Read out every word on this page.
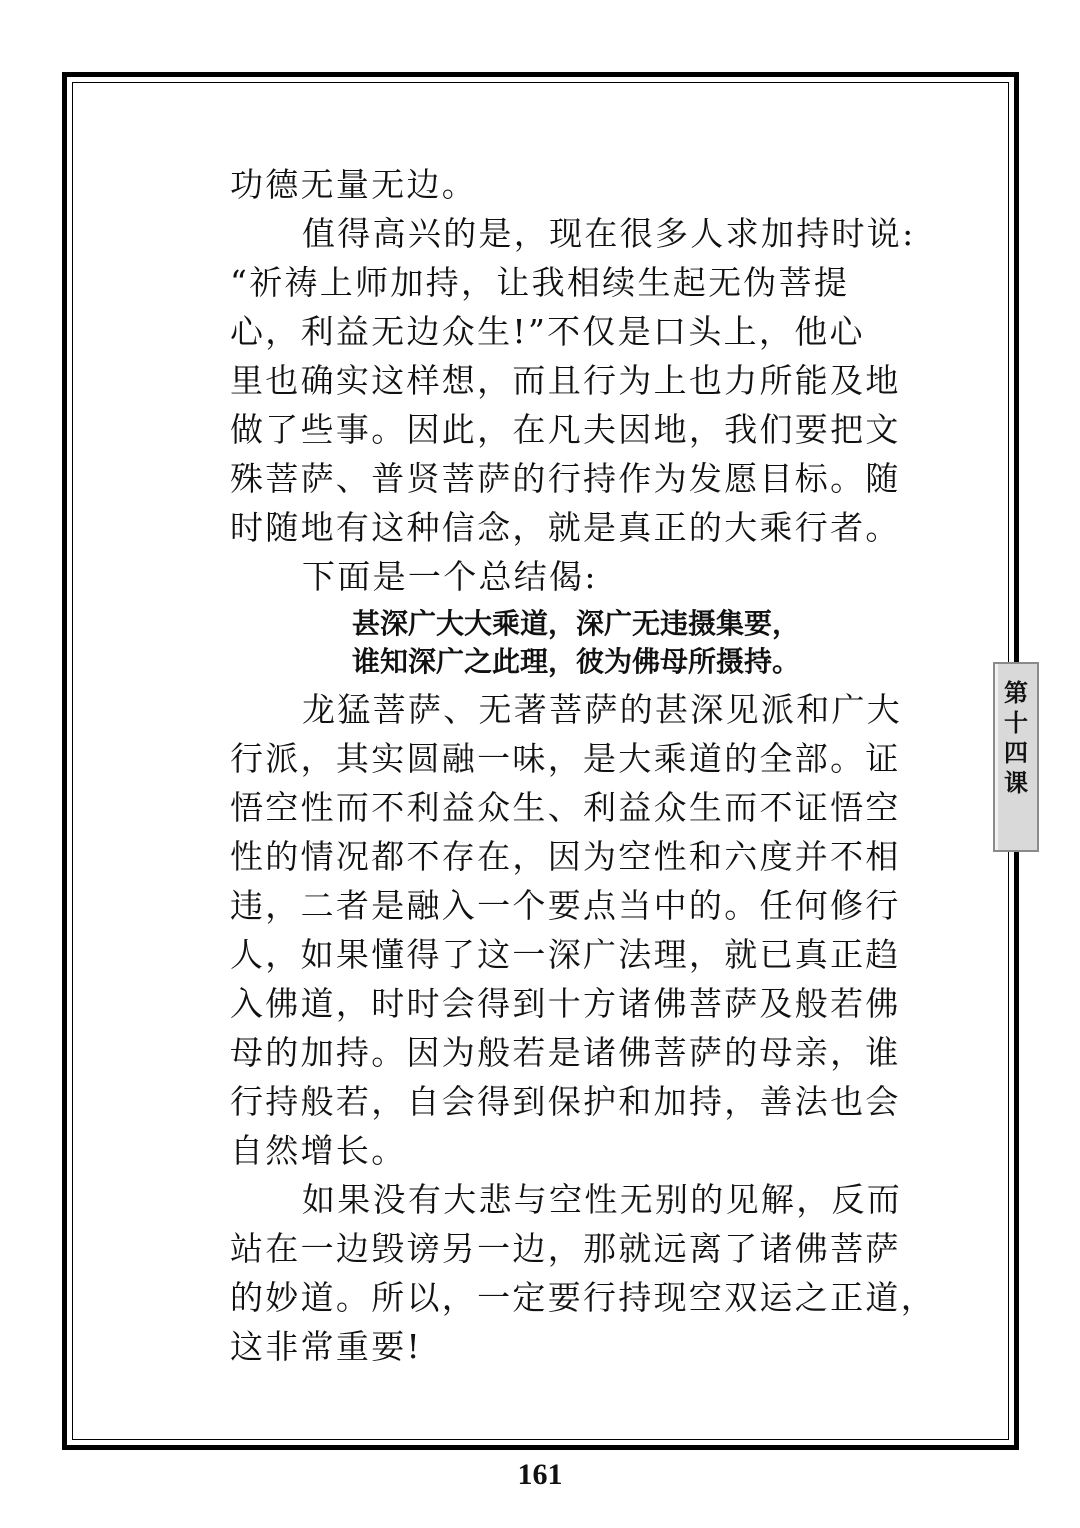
功德无量无边。
值得高兴的是，现在很多人求加持时说:
“祈祷上师加持，让我相续生起无伪菩提
心，利益无边众生!”不仅是口头上，他心
里也确实这样想，而且行为上也力所能及地
做了些事。因此，在凡夫因地，我们要把文
殊菩萨、普贤菩萨的行持作为发愿目标。随
时随地有这种信念，就是真正的大乘行者。
下面是一个总结偈:
甚深广大大乘道，深广无违摄集要，
谁知深广之此理，彼为佛母所摄持。
龙猛菩萨、无著菩萨的甚深见派和广大
行派，其实圆融一味，是大乘道的全部。证
悟空性而不利益众生、利益众生而不证悟空
性的情况都不存在，因为空性和六度并不相
违，二者是融入一个要点当中的。任何修行
人，如果懂得了这一深广法理，就已真正趋
入佛道，时时会得到十方诸佛菩萨及般若佛
母的加持。因为般若是诸佛菩萨的母亲，谁
行持般若，自会得到保护和加持，善法也会
自然增长。
如果没有大悲与空性无别的见解，反而
站在一边毁谤另一边，那就远离了诸佛菩萨
的妙道。所以，一定要行持现空双运之正道，
这非常重要!
第
十
四
课
161
